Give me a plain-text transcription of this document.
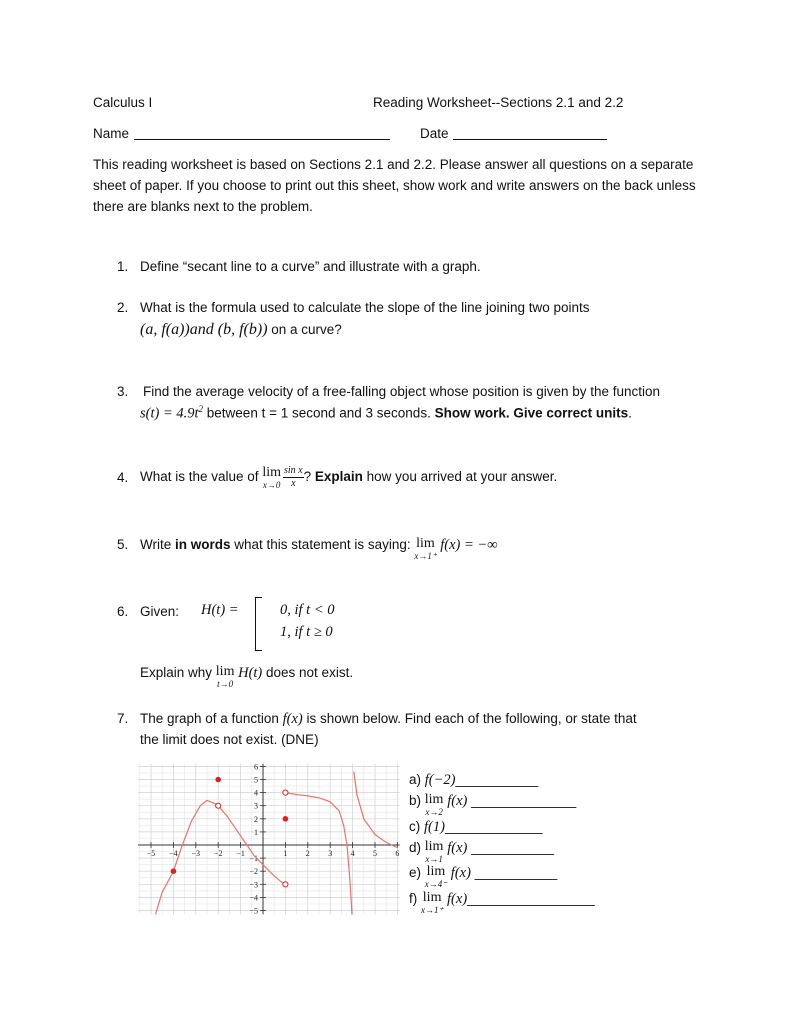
Calculus I	Reading Worksheet--Sections 2.1 and 2.2
Name	Date
This reading worksheet is based on Sections 2.1 and 2.2. Please answer all questions on a separate sheet of paper. If you choose to print out this sheet, show work and write answers on the back unless there are blanks next to the problem.
1. Define “secant line to a curve” and illustrate with a graph.
2. What is the formula used to calculate the slope of the line joining two points
(a, f(a))and (b, f(b)) on a curve?
3. Find the average velocity of a free-falling object whose position is given by the function
$s(t) = 4.9t^2$ between t = 1 second and 3 seconds. Show work. Give correct units.
4. What is the value of lim
$x\to 0 \frac{\text{sin x}}{x}$ ? Explain how you arrived at your answer.
5. Write in words what this statement is saying: lim
x→1⁺
f(x) = −∞
6. Given: H(t) =	0, if t < 0
1, if t ≥ 0
Explain why lim
t→0
H(t) does not exist.
7. The graph of a function f(x) is shown below. Find each of the following, or state that
the limit does not exist. (DNE)
−5 −4 −3 −2 −1	1 2 3 4 5 6
6
5
4
3
2
1
−1
−2
−3
−4
−5
a) f(−2)___________
b) lim
x→2
f(x) ______________
c) f(1)_____________
d) lim
x→1
f(x) ___________
e) lim
x→4⁻
f(x) ___________
f) lim
x→1⁺
f(x)_________________
